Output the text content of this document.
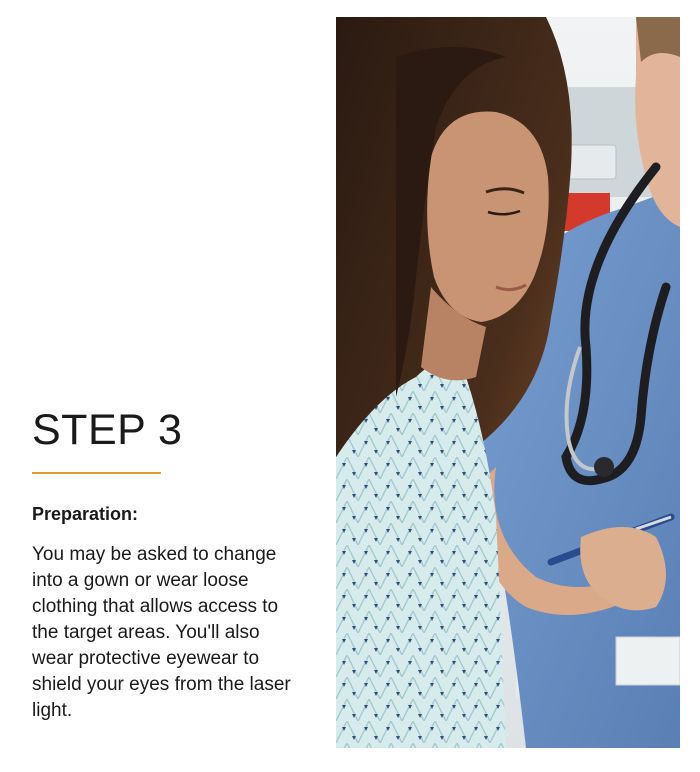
STEP 3
Preparation:

You may be asked to change into a gown or wear loose clothing that allows access to the target areas. You'll also wear protective eyewear to shield your eyes from the laser light.
